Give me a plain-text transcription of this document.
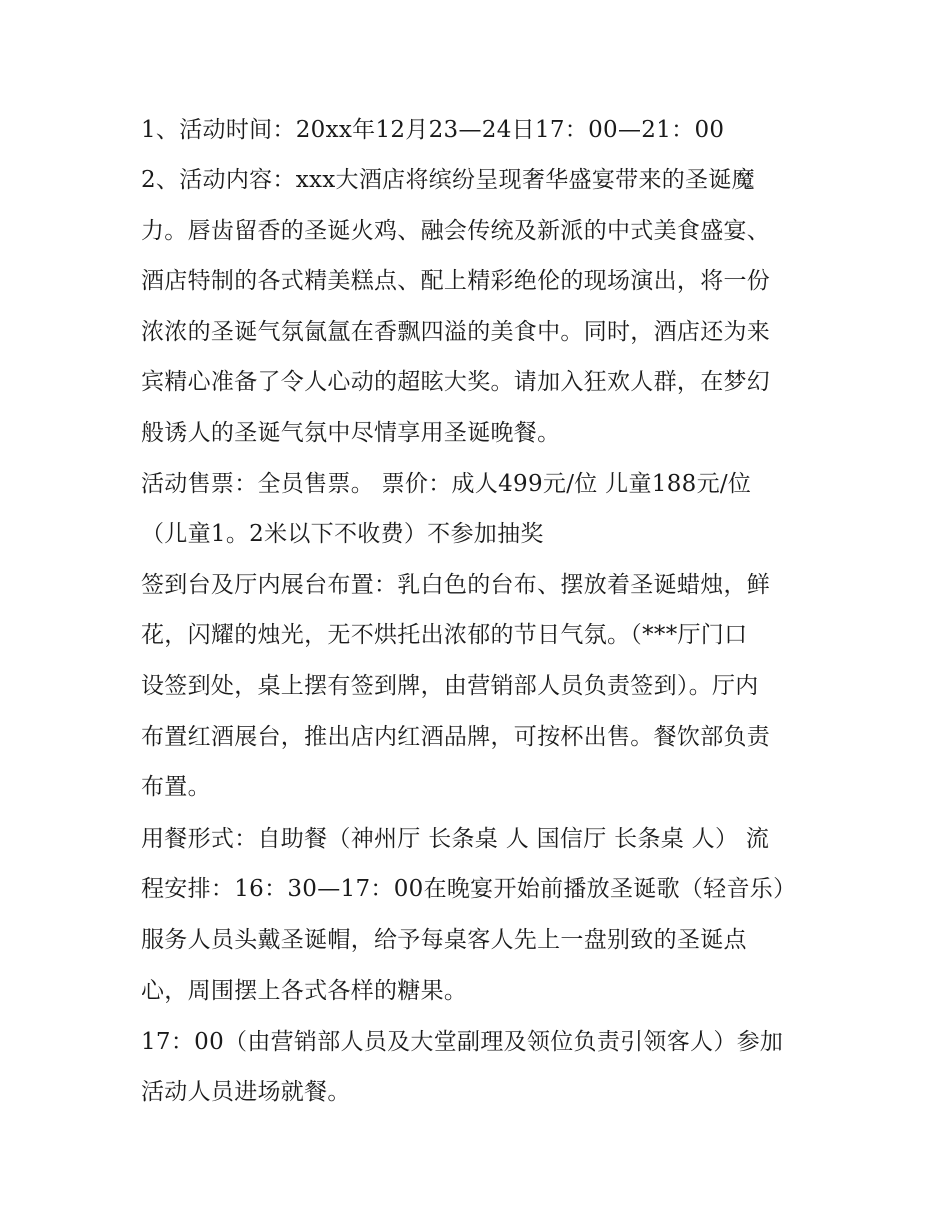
1、活动时间：20xx年12月23—24日17：00—21：00
2、活动内容：xxx大酒店将缤纷呈现奢华盛宴带来的圣诞魔
力。唇齿留香的圣诞火鸡、融会传统及新派的中式美食盛宴、
酒店特制的各式精美糕点、配上精彩绝伦的现场演出，将一份
浓浓的圣诞气氛氤氲在香飘四溢的美食中。同时，酒店还为来
宾精心准备了令人心动的超眩大奖。请加入狂欢人群，在梦幻
般诱人的圣诞气氛中尽情享用圣诞晚餐。
活动售票：全员售票。 票价：成人499元/位 儿童188元/位
（儿童1。2米以下不收费）不参加抽奖
签到台及厅内展台布置：乳白色的台布、摆放着圣诞蜡烛，鲜
花，闪耀的烛光，无不烘托出浓郁的节日气氛。（***厅门口
设签到处，桌上摆有签到牌，由营销部人员负责签到）。厅内
布置红酒展台，推出店内红酒品牌，可按杯出售。餐饮部负责
布置。
用餐形式：自助餐（神州厅 长条桌 人 国信厅 长条桌 人） 流
程安排：16：30—17：00在晚宴开始前播放圣诞歌（轻音乐）
服务人员头戴圣诞帽，给予每桌客人先上一盘别致的圣诞点
心，周围摆上各式各样的糖果。
17：00（由营销部人员及大堂副理及领位负责引领客人）参加
活动人员进场就餐。
